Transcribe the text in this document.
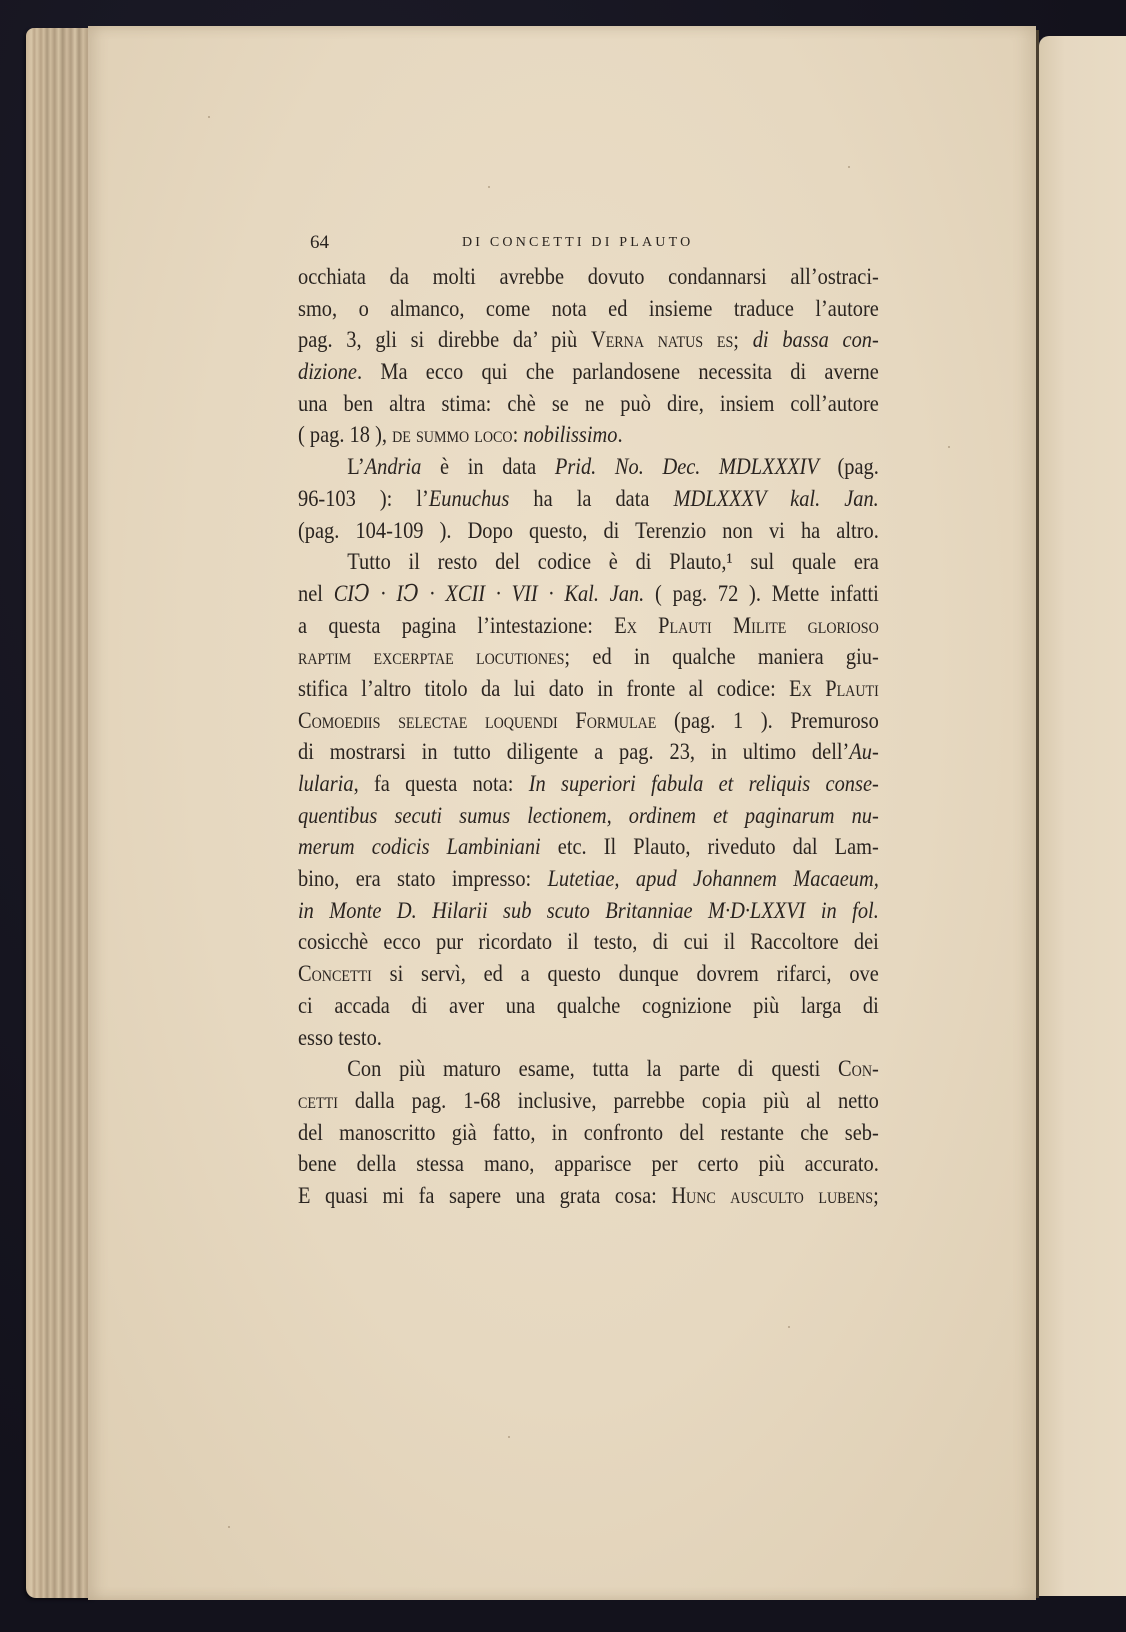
64	DI CONCETTI DI PLAUTO
occhiata da molti avrebbe dovuto condannarsi all’ostraci-
smo, o almanco, come nota ed insieme traduce l’autore
pag. 3, gli si direbbe da’ più Verna natus es; di bassa con-
dizione. Ma ecco qui che parlandosene necessita di averne
una ben altra stima: chè se ne può dire, insiem coll’autore
( pag. 18 ), de summo loco: nobilissimo.
L’Andria è in data Prid. No. Dec. MDLXXXIV (pag.
96-103 ): l’Eunuchus ha la data MDLXXXV kal. Jan.
(pag. 104-109 ). Dopo questo, di Terenzio non vi ha altro.
Tutto il resto del codice è di Plauto,¹ sul quale era
nel CIↃ · IↃ · XCII · VII · Kal. Jan. ( pag. 72 ). Mette infatti
a questa pagina l’intestazione: Ex Plauti Milite glorioso
raptim excerptae locutiones; ed in qualche maniera giu-
stifica l’altro titolo da lui dato in fronte al codice: Ex Plauti
Comoediis selectae loquendi Formulae (pag. 1 ). Premuroso
di mostrarsi in tutto diligente a pag. 23, in ultimo dell’Au-
lularia, fa questa nota: In superiori fabula et reliquis conse-
quentibus secuti sumus lectionem, ordinem et paginarum nu-
merum codicis Lambiniani etc. Il Plauto, riveduto dal Lam-
bino, era stato impresso: Lutetiae, apud Johannem Macaeum,
in Monte D. Hilarii sub scuto Britanniae M·D·LXXVI in fol.
cosicchè ecco pur ricordato il testo, di cui il Raccoltore dei
Concetti si servì, ed a questo dunque dovrem rifarci, ove
ci accada di aver una qualche cognizione più larga di
esso testo.
Con più maturo esame, tutta la parte di questi Con-
cetti dalla pag. 1-68 inclusive, parrebbe copia più al netto
del manoscritto già fatto, in confronto del restante che seb-
bene della stessa mano, apparisce per certo più accurato.
E quasi mi fa sapere una grata cosa: Hunc ausculto lubens;
